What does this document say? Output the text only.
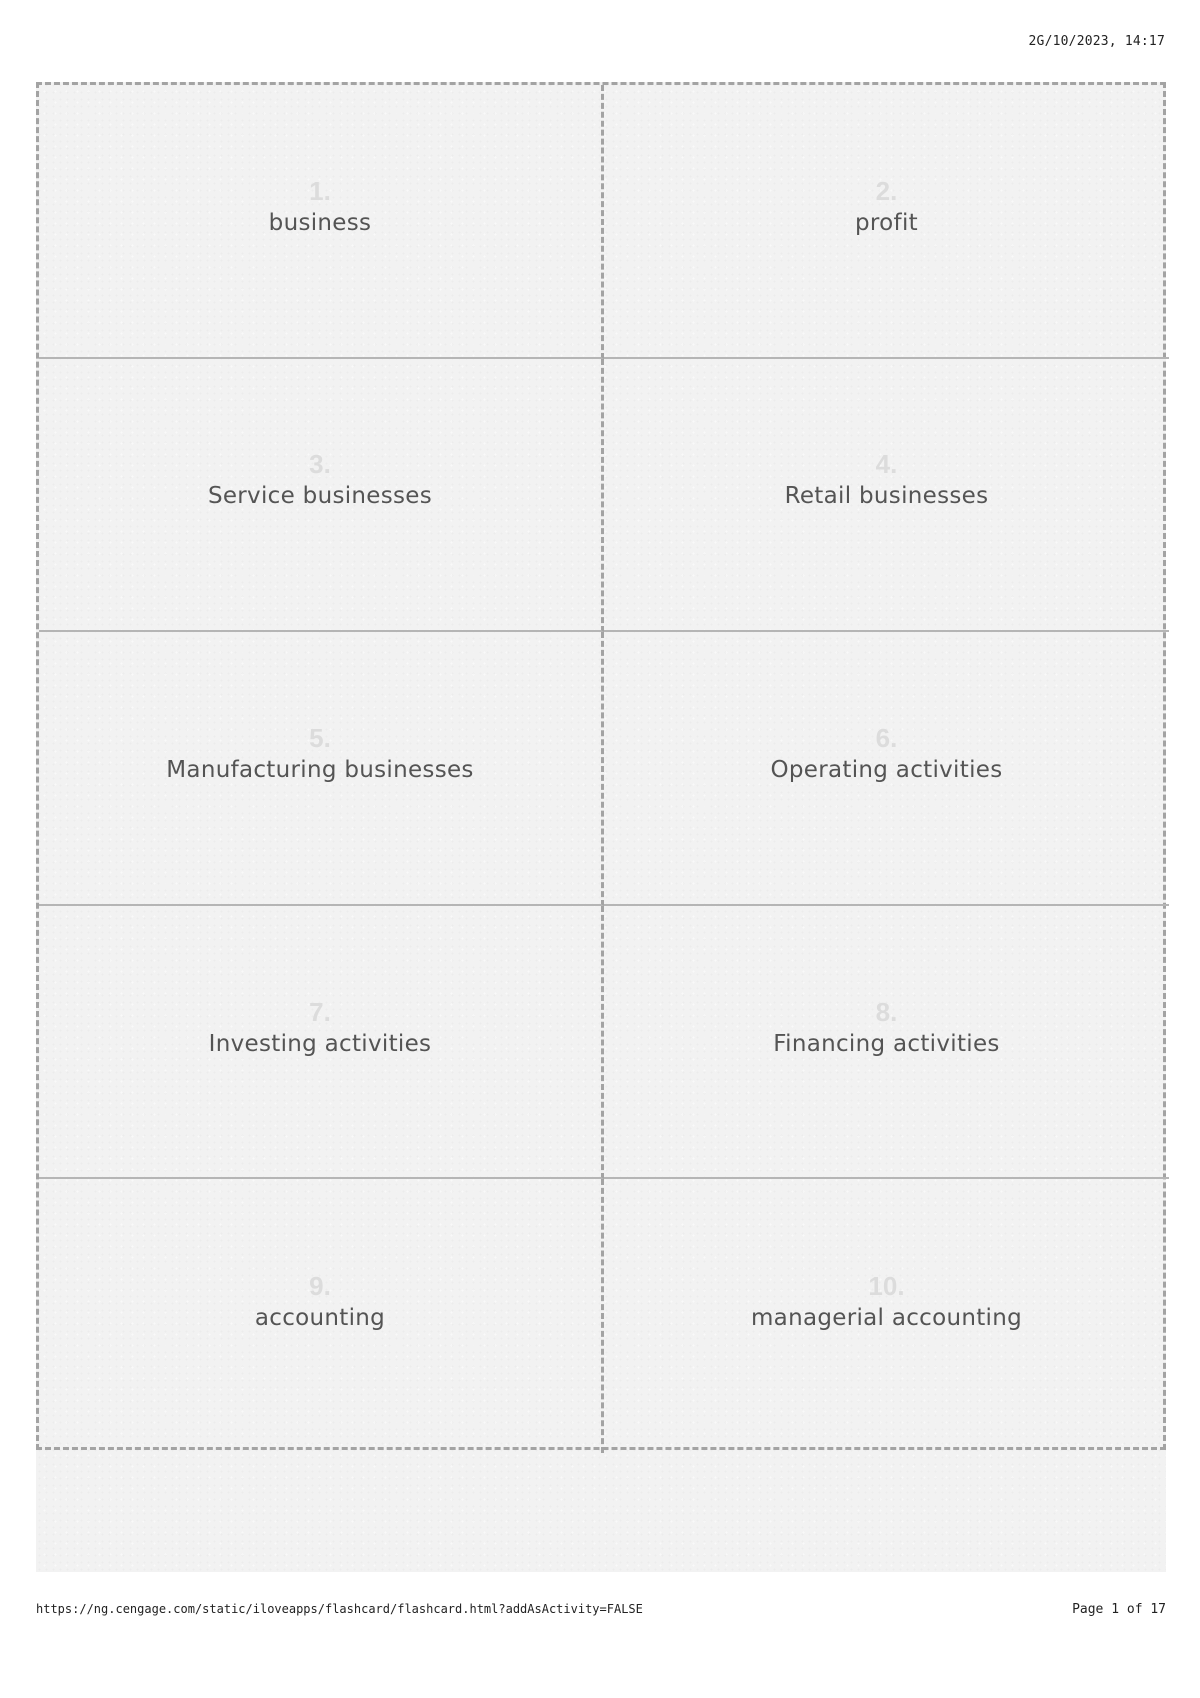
2G/10/2023, 14:17
1.
business
2.
profit
3.
Service businesses
4.
Retail businesses
5.
Manufacturing businesses
6.
Operating activities
7.
Investing activities
8.
Financing activities
9.
accounting
10.
managerial accounting
https://ng.cengage.com/static/iloveapps/flashcard/flashcard.html?addAsActivity=FALSE	Page 1 of 17
